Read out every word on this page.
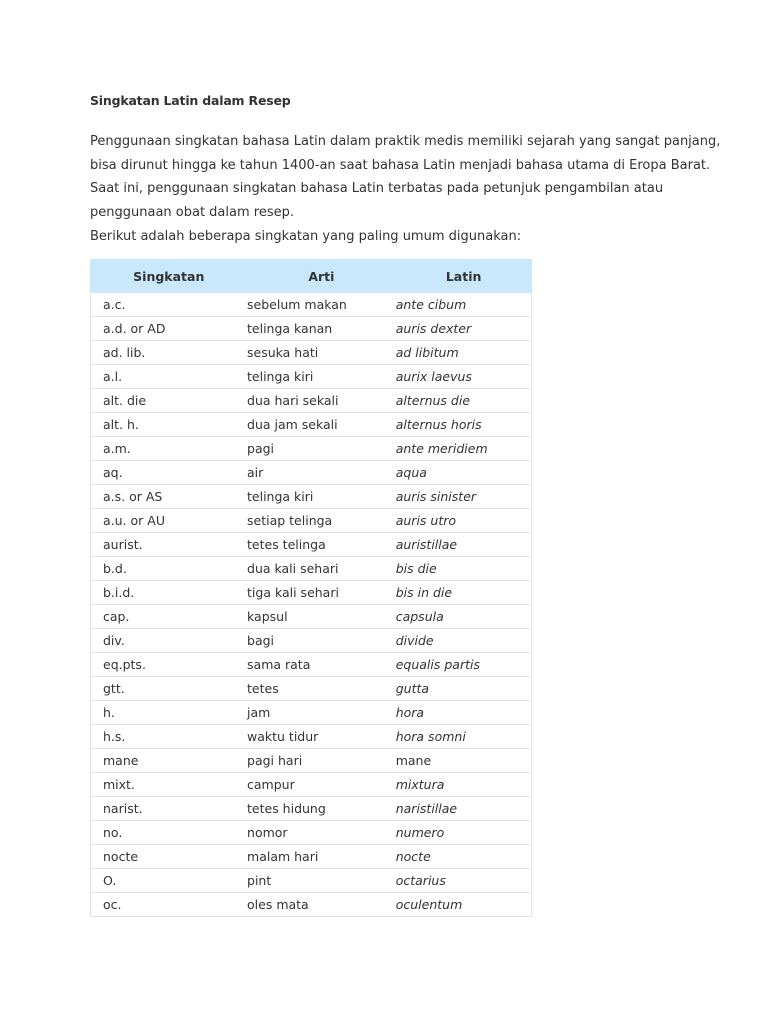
Singkatan Latin dalam Resep

Penggunaan singkatan bahasa Latin dalam praktik medis memiliki sejarah yang sangat panjang,
bisa dirunut hingga ke tahun 1400-an saat bahasa Latin menjadi bahasa utama di Eropa Barat.
Saat ini, penggunaan singkatan bahasa Latin terbatas pada petunjuk pengambilan atau
penggunaan obat dalam resep.

Berikut adalah beberapa singkatan yang paling umum digunakan:

Singkatan	Arti	Latin
a.c.	sebelum makan	ante cibum
a.d. or AD	telinga kanan	auris dexter
ad. lib.	sesuka hati	ad libitum
a.l.	telinga kiri	aurix laevus
alt. die	dua hari sekali	alternus die
alt. h.	dua jam sekali	alternus horis
a.m.	pagi	ante meridiem
aq.	air	aqua
a.s. or AS	telinga kiri	auris sinister
a.u. or AU	setiap telinga	auris utro
aurist.	tetes telinga	auristillae
b.d.	dua kali sehari	bis die
b.i.d.	tiga kali sehari	bis in die
cap.	kapsul	capsula
div.	bagi	divide
eq.pts.	sama rata	equalis partis
gtt.	tetes	gutta
h.	jam	hora
h.s.	waktu tidur	hora somni
mane	pagi hari	mane
mixt.	campur	mixtura
narist.	tetes hidung	naristillae
no.	nomor	numero
nocte	malam hari	nocte
O.	pint	octarius
oc.	oles mata	oculentum
